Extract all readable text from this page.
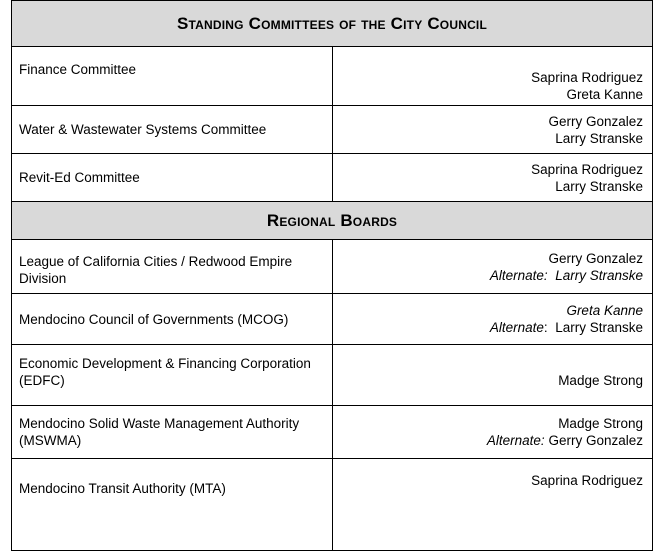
Standing Committees of the City Council	
Finance Committee	Saprina Rodriguez
Greta Kanne

Water & Wastewater Systems Committee	Gerry Gonzalez
Larry Stranske

Revit-Ed Committee	Saprina Rodriguez
Larry Stranske

Regional Boards	
League of California Cities / Redwood Empire Division	Gerry Gonzalez
Alternate: Larry Stranske

Mendocino Council of Governments (MCOG)	Greta Kanne
Alternate: Larry Stranske

Economic Development & Financing Corporation (EDFC)	Madge Strong

Mendocino Solid Waste Management Authority (MSWMA)	Madge Strong
Alternate: Gerry Gonzalez

Mendocino Transit Authority (MTA)	Saprina Rodriguez
